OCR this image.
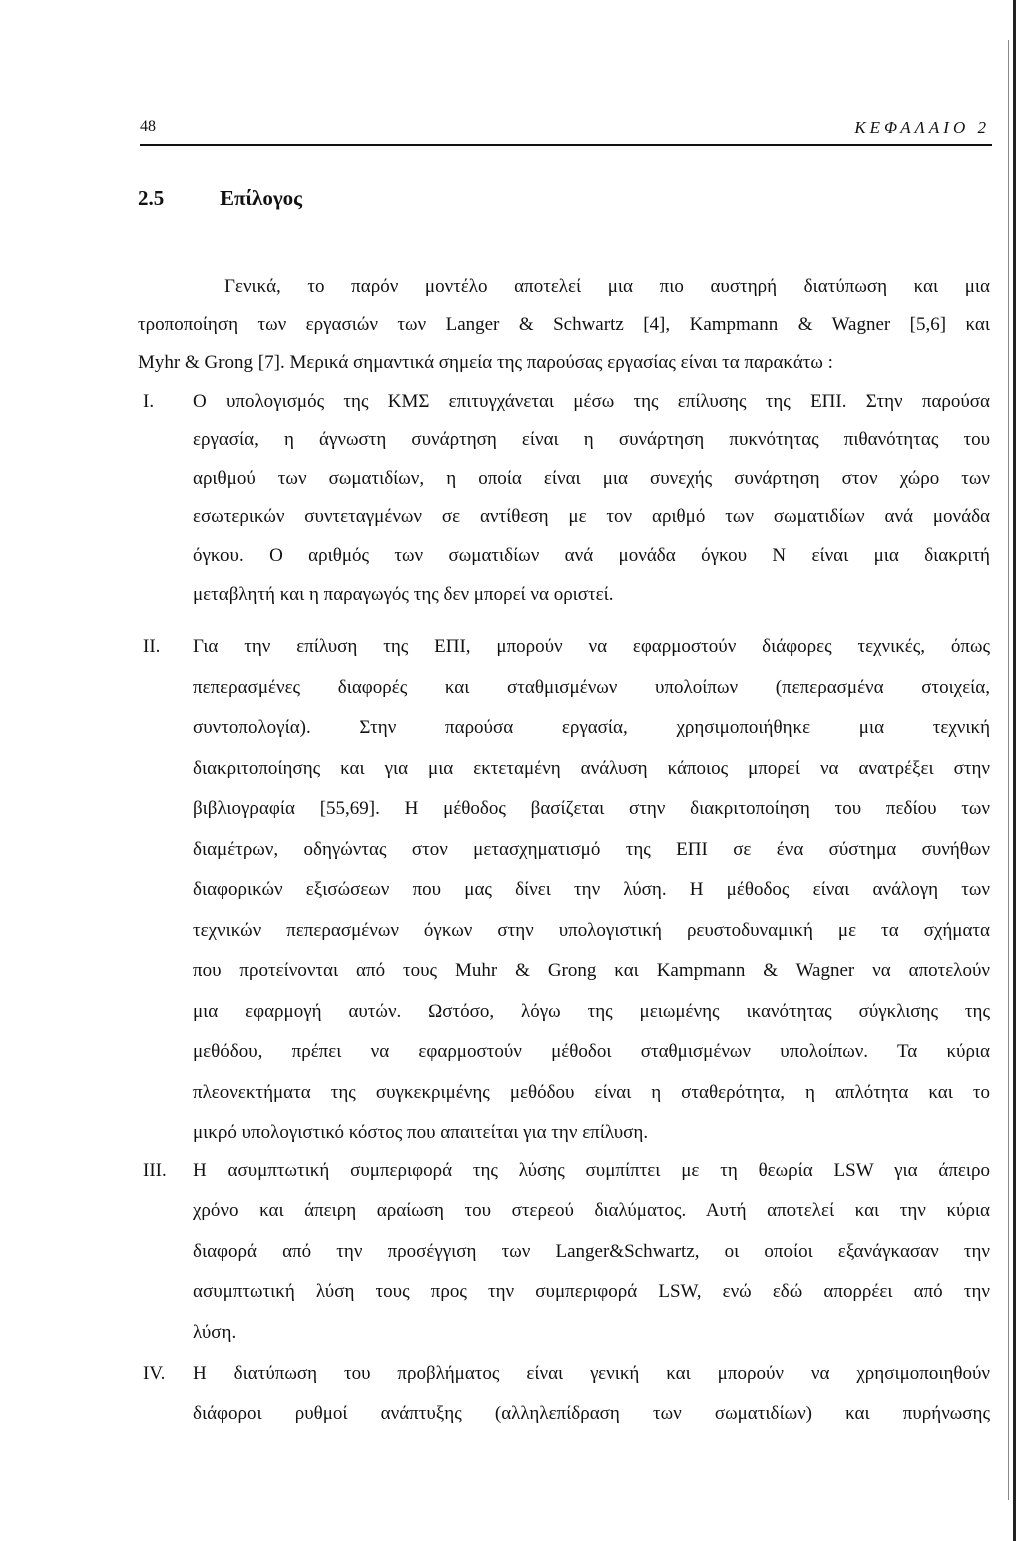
48	ΚΕΦΑΛΑΙΟ 2
2.5	Επίλογος
Γενικά, το παρόν μοντέλο αποτελεί μια πιο αυστηρή διατύπωση και μια
τροποποίηση των εργασιών των Langer & Schwartz [4], Kampmann & Wagner [5,6] και
Myhr & Grong [7]. Μερικά σημαντικά σημεία της παρούσας εργασίας είναι τα παρακάτω :
I. Ο υπολογισμός της ΚΜΣ επιτυγχάνεται μέσω της επίλυσης της ΕΠΙ. Στην παρούσα
εργασία, η άγνωστη συνάρτηση είναι η συνάρτηση πυκνότητας πιθανότητας του
αριθμού των σωματιδίων, η οποία είναι μια συνεχής συνάρτηση στον χώρο των
εσωτερικών συντεταγμένων σε αντίθεση με τον αριθμό των σωματιδίων ανά μονάδα
όγκου. Ο αριθμός των σωματιδίων ανά μονάδα όγκου N είναι μια διακριτή
μεταβλητή και η παραγωγός της δεν μπορεί να οριστεί.
II. Για την επίλυση της ΕΠΙ, μπορούν να εφαρμοστούν διάφορες τεχνικές, όπως
πεπερασμένες διαφορές και σταθμισμένων υπολοίπων (πεπερασμένα στοιχεία,
συντοπολογία). Στην παρούσα εργασία, χρησιμοποιήθηκε μια τεχνική
διακριτοποίησης και για μια εκτεταμένη ανάλυση κάποιος μπορεί να ανατρέξει στην
βιβλιογραφία [55,69]. Η μέθοδος βασίζεται στην διακριτοποίηση του πεδίου των
διαμέτρων, οδηγώντας στον μετασχηματισμό της ΕΠΙ σε ένα σύστημα συνήθων
διαφορικών εξισώσεων που μας δίνει την λύση. Η μέθοδος είναι ανάλογη των
τεχνικών πεπερασμένων όγκων στην υπολογιστική ρευστοδυναμική με τα σχήματα
που προτείνονται από τους Muhr & Grong και Kampmann & Wagner να αποτελούν
μια εφαρμογή αυτών. Ωστόσο, λόγω της μειωμένης ικανότητας σύγκλισης της
μεθόδου, πρέπει να εφαρμοστούν μέθοδοι σταθμισμένων υπολοίπων. Τα κύρια
πλεονεκτήματα της συγκεκριμένης μεθόδου είναι η σταθερότητα, η απλότητα και το
μικρό υπολογιστικό κόστος που απαιτείται για την επίλυση.
III. Η ασυμπτωτική συμπεριφορά της λύσης συμπίπτει με τη θεωρία LSW για άπειρο
χρόνο και άπειρη αραίωση του στερεού διαλύματος. Αυτή αποτελεί και την κύρια
διαφορά από την προσέγγιση των Langer&Schwartz, οι οποίοι εξανάγκασαν την
ασυμπτωτική λύση τους προς την συμπεριφορά LSW, ενώ εδώ απορρέει από την
λύση.
IV. Η διατύπωση του προβλήματος είναι γενική και μπορούν να χρησιμοποιηθούν
διάφοροι ρυθμοί ανάπτυξης (αλληλεπίδραση των σωματιδίων) και πυρήνωσης
